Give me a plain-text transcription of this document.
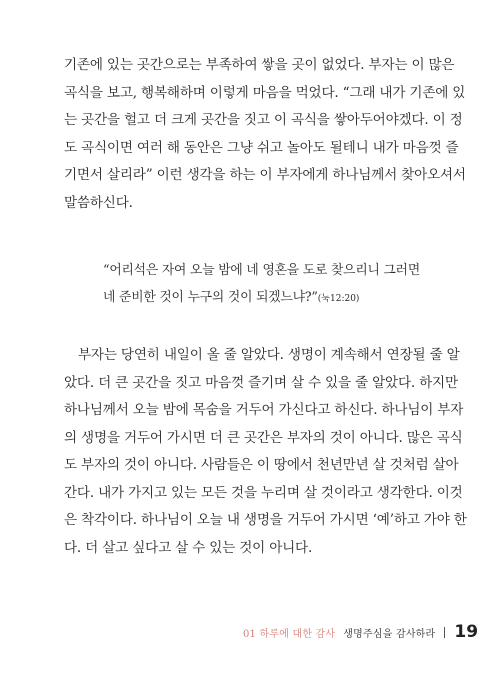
기존에 있는 곳간으로는 부족하여 쌓을 곳이 없었다. 부자는 이 많은
곡식을 보고, 행복해하며 이렇게 마음을 먹었다. “그래 내가 기존에 있
는 곳간을 헐고 더 크게 곳간을 짓고 이 곡식을 쌓아두어야겠다. 이 정
도 곡식이면 여러 해 동안은 그냥 쉬고 놀아도 될테니 내가 마음껏 즐
기면서 살리라” 이런 생각을 하는 이 부자에게 하나님께서 찾아오셔서
말씀하신다.

“어리석은 자여 오늘 밤에 네 영혼을 도로 찾으리니 그러면
네 준비한 것이 누구의 것이 되겠느냐?”(눅12:20)

부자는 당연히 내일이 올 줄 알았다. 생명이 계속해서 연장될 줄 알
았다. 더 큰 곳간을 짓고 마음껏 즐기며 살 수 있을 줄 알았다. 하지만
하나님께서 오늘 밤에 목숨을 거두어 가신다고 하신다. 하나님이 부자
의 생명을 거두어 가시면 더 큰 곳간은 부자의 것이 아니다. 많은 곡식
도 부자의 것이 아니다. 사람들은 이 땅에서 천년만년 살 것처럼 살아
간다. 내가 가지고 있는 모든 것을 누리며 살 것이라고 생각한다. 이것
은 착각이다. 하나님이 오늘 내 생명을 거두어 가시면 ‘예’하고 가야 한
다. 더 살고 싶다고 살 수 있는 것이 아니다.

01 하루에 대한 감사 생명주심을 감사하라 19
